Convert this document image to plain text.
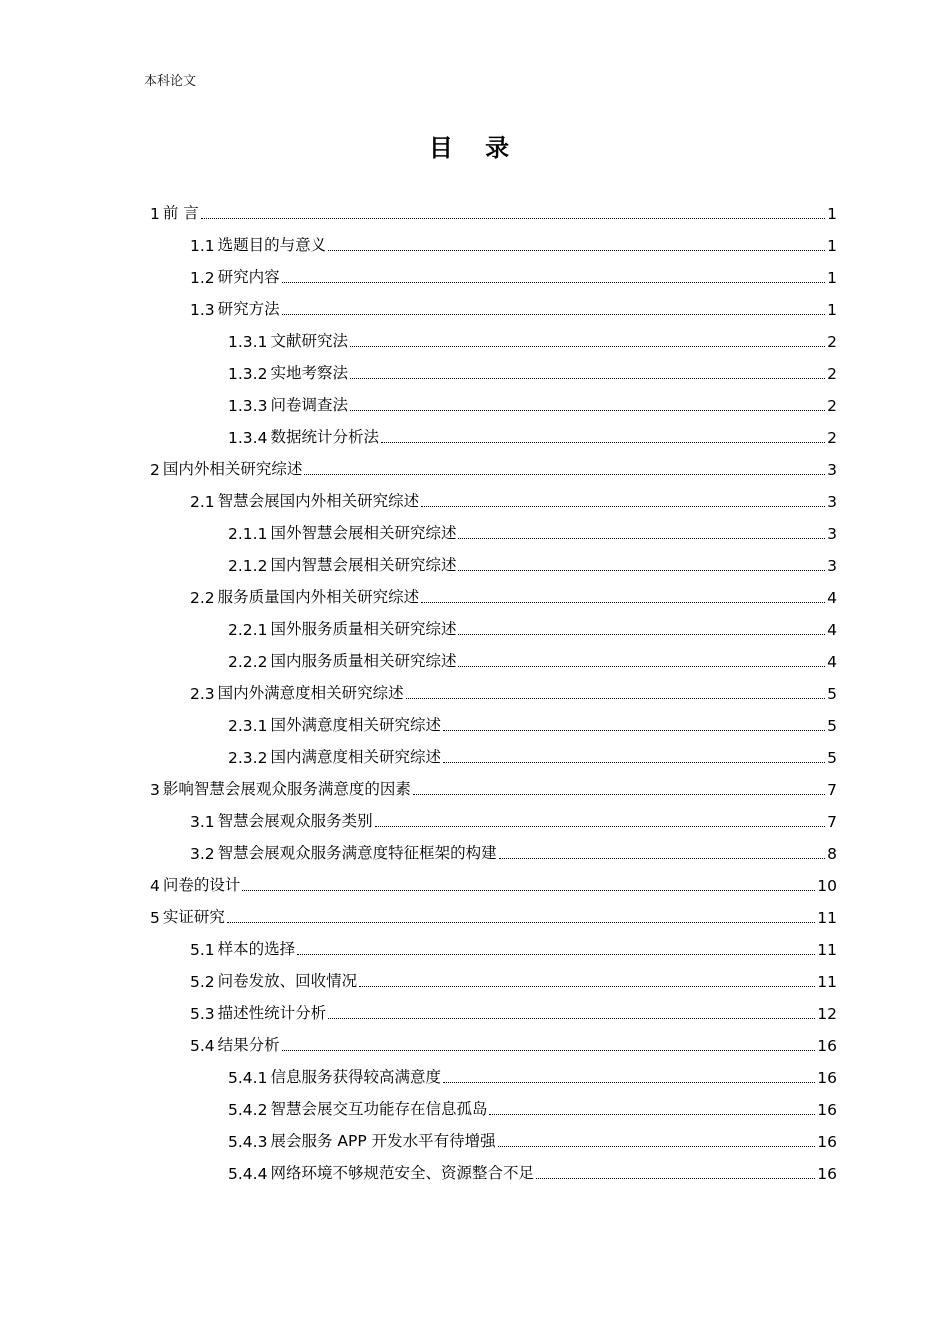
本科论文
目 录
1 前 言	1
1.1 选题目的与意义	1
1.2 研究内容	1
1.3 研究方法	1
1.3.1 文献研究法	2
1.3.2 实地考察法	2
1.3.3 问卷调查法	2
1.3.4 数据统计分析法	2
2 国内外相关研究综述	3
2.1 智慧会展国内外相关研究综述	3
2.1.1 国外智慧会展相关研究综述	3
2.1.2 国内智慧会展相关研究综述	3
2.2 服务质量国内外相关研究综述	4
2.2.1 国外服务质量相关研究综述	4
2.2.2 国内服务质量相关研究综述	4
2.3 国内外满意度相关研究综述	5
2.3.1 国外满意度相关研究综述	5
2.3.2 国内满意度相关研究综述	5
3 影响智慧会展观众服务满意度的因素	7
3.1 智慧会展观众服务类别	7
3.2 智慧会展观众服务满意度特征框架的构建	8
4 问卷的设计	10
5 实证研究	11
5.1 样本的选择	11
5.2 问卷发放、回收情况	11
5.3 描述性统计分析	12
5.4 结果分析	16
5.4.1 信息服务获得较高满意度	16
5.4.2 智慧会展交互功能存在信息孤岛	16
5.4.3 展会服务 APP 开发水平有待增强	16
5.4.4 网络环境不够规范安全、资源整合不足	16
